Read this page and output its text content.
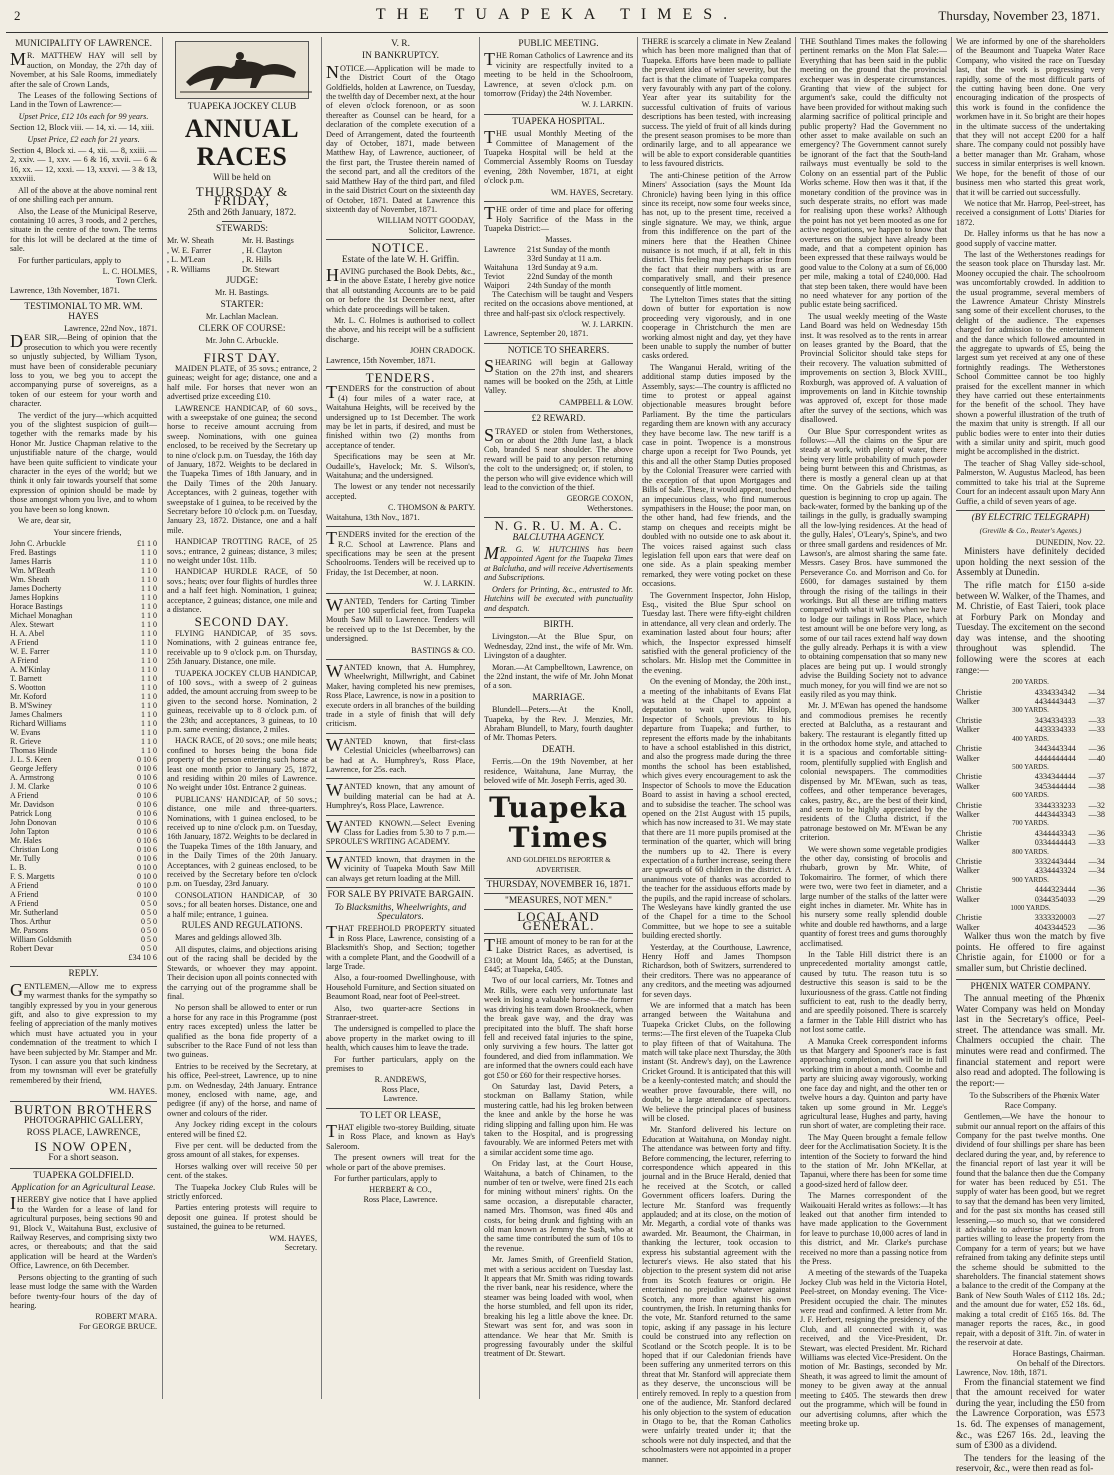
2	THE TUAPEKA TIMES.	Thursday, November 23, 1871.
MUNICIPALITY OF LAWRENCE.

MR. MATTHEW HAY will sell by auction, on Monday, the 27th day of November, at his Sale Rooms, immediately after the sale of Crown Lands,

The Leases of the following Sections of Land in the Town of Lawrence:—

Upset Price, £12 10s each for 99 years.

Section 12, Block viii. — 14, xi. — 14, xiii.

Upset Price, £2 each for 21 years.

Section 4, Block xi. — 4, xii. — 8, xxiii. — 2, xxiv. — 1, xxv. — 6 & 16, xxvii. — 6 & 16, xx. — 12, xxxi. — 13, xxxvi. — 3 & 13, xxxviii.

All of the above at the above nominal rent of one shilling each per annum.

Also, the Lease of the Municipal Reserve, containing 10 acres, 3 roods, and 2 perches, situate in the centre of the town. The terms for this lot will be declared at the time of sale.

For further particulars, apply to

L. C. HOLMES,
Town Clerk.
Lawrence, 13th November, 1871.
TESTIMONIAL TO MR. WM. HAYES
Lawrence, 22nd Nov., 1871.

DEAR SIR,—Being of opinion that the prosecution to which you were recently so unjustly subjected, by William Tyson, must have been of considerable pecuniary loss to you, we beg you to accept the accompanying purse of sovereigns, as a token of our esteem for your worth and character.

The verdict of the jury—which acquitted you of the slightest suspicion of guilt—together with the remarks made by his Honor Mr. Justice Chapman relative to the unjustifiable nature of the charge, would have been quite sufficient to vindicate your character in the eyes of the world; but we think it only fair towards yourself that some expression of opinion should be made by those amongst whom you live, and to whom you have been so long known.

We are, dear sir,

Your sincere friends,

John C. Arbuckle	£1 1 0
Fred. Bastings	1 1 0
James Harris	1 1 0
Wm. M'Beath	1 1 0
Wm. Sheath	1 1 0
James Docherty	1 1 0
James Hopkins	1 1 0
Horace Bastings	1 1 0
Michael Monaghan	1 1 0
Alex. Stewart	1 1 0
H. A. Abel	1 1 0
A Friend	1 1 0
W. E. Farrer	1 1 0
A Friend	1 1 0
A. M'Kinlay	1 1 0
T. Barnett	1 1 0
S. Wootton	1 1 0
Mr. Koford	1 1 0
B. M'Swiney	1 1 0
James Chalmers	1 1 0
Richard Williams	1 1 0
W. Evans	1 1 0
R. Grieve	1 1 0
Thomas Hinde	1 1 0
J. L. S. Keen	0 10 6
George Jeffery	0 10 6
A. Armstrong	0 10 6
J. M. Clarke	0 10 6
A Friend	0 10 6
Mr. Davidson	0 10 6
Patrick Long	0 10 6
John Donovan	0 10 6
John Tapton	0 10 6
Mr. Hales	0 10 6
Christian Long	0 10 6
Mr. Tully	0 10 6
L. B.	0 10 0
F. S. Margetts	0 10 0
A Friend	0 10 0
A Friend	0 10 0
A Friend	0 5 0
Mr. Sutherland	0 5 0
Thos. Arthur	0 5 0
Mr. Parsons	0 5 0
William Goldsmith	0 5 0
Robert Devar	0 5 0
£34 10 6
REPLY.

GENTLEMEN,—Allow me to express my warmest thanks for the sympathy so tangibly expressed by you in your generous gift, and also to give expression to my feeling of appreciation of the manly motives which must have actuated you in your condemnation of the treatment to which I have been subjected by Mr. Stamper and Mr. Tyson. I can assure you that such kindness from my townsman will ever be gratefully remembered by their friend,

WM. HAYES.
BURTON BROTHERS
PHOTOGRAPHIC GALLERY,
ROSS PLACE, LAWRENCE,
IS NOW OPEN,
For a short season.
TUAPEKA GOLDFIELD.
Application for an Agricultural Lease.

IHEREBY give notice that I have applied to the Warden for a lease of land for agricultural purposes, being sections 90 and 91, Block V., Waitahuna Bust, exclusive of Railway Reserves, and comprising sixty two acres, or thereabouts; and that the said application will be heard at the Warden's Office, Lawrence, on 6th December.

Persons objecting to the granting of such lease must lodge the same with the Warden before twenty-four hours of the day of hearing.

ROBERT M'ARA.
For GEORGE BRUCE.
TUAPEKA JOCKEY CLUB
ANNUAL RACES
Will be held on
THURSDAY & FRIDAY,
25th and 26th January, 1872.
STEWARDS:
Mr. W. Sheath	Mr. H. Bastings
, W. E. Farrer	, H. Clayton
, L. M'Lean	, R. Hills
, R. Williams	Dr. Stewart
JUDGE:
Mr. H. Bastings.
STARTER:
Mr. Lachlan Maclean.
CLERK OF COURSE:
Mr. John C. Arbuckle.
FIRST DAY.

MAIDEN PLATE, of 35 sovs.; entrance, 2 guineas; weight for age; distance, one and a half mile. For horses that never won an advertised prize exceeding £10.

LAWRENCE HANDICAP, of 60 sovs., with a sweepstake of one guinea; the second horse to receive amount accruing from sweep. Nominations, with one guinea enclosed, to be received by the Secretary up to nine o'clock p.m. on Tuesday, the 16th day of January, 1872. Weights to be declared in the Tuapeka Times of 18th January, and in the Daily Times of the 20th January. Acceptances, with 2 guineas, together with sweepstake of 1 guinea, to be received by the Secretary before 10 o'clock p.m. on Tuesday, January 23, 1872. Distance, one and a half mile.

HANDICAP TROTTING RACE, of 25 sovs.; entrance, 2 guineas; distance, 3 miles; no weight under 10st. 11lb.

HANDICAP HURDLE RACE, of 50 sovs.; heats; over four flights of hurdles three and a half feet high. Nomination, 1 guinea; acceptance, 2 guineas; distance, one mile and a distance.

SECOND DAY.

FLYING HANDICAP, of 35 sovs. Nominations, with 2 guineas entrance fee, receivable up to 9 o'clock p.m. on Thursday, 25th January. Distance, one mile.

TUAPEKA JOCKEY CLUB HANDICAP, of 100 sovs., with a sweep of 2 guineas added, the amount accruing from sweep to be given to the second horse. Nomination, 2 guineas, receivable up to 8 o'clock p.m. of the 23th; and acceptances, 3 guineas, to 10 p.m. same evening; distance, 2 miles.

HACK RACE, of 20 sovs.; one mile heats; confined to horses being the bona fide property of the person entering such horse at least one month prior to January 25, 1872, and residing within 20 miles of Lawrence. No weight under 10st. Entrance 2 guineas.

PUBLICANS' HANDICAP, of 50 sovs.; distance, one mile and three-quarters. Nominations, with 1 guinea enclosed, to be received up to nine o'clock p.m. on Tuesday, 16th January, 1872. Weights to be declared in the Tuapeka Times of the 18th January, and in the Daily Times of the 20th January. Acceptances, with 2 guineas enclosed, to be received by the Secretary before ten o'clock p.m. on Tuesday, 23rd January.

CONSOLATION HANDICAP, of 30 sovs.; for all beaten horses. Distance, one and a half mile; entrance, 1 guinea.

RULES AND REGULATIONS.

Mares and geldings allowed 3lb.

All disputes, claims, and objections arising out of the racing shall be decided by the Stewards, or whoever they may appoint. Their decision upon all points connected with the carrying out of the programme shall be final.

No person shall be allowed to enter or run a horse for any race in this Programme (post entry races excepted) unless the latter be qualified as the bona fide property of a subscriber to the Race Fund of not less than two guineas.

Entries to be received by the Secretary, at his office, Peel-street, Lawrence, up to nine p.m. on Wednesday, 24th January. Entrance money, enclosed with name, age, and pedigree (if any) of the horse, and name of owner and colours of the rider.

Any Jockey riding except in the colours entered will be fined £2.

Five per cent. will be deducted from the gross amount of all stakes, for expenses.

Horses walking over will receive 50 per cent. of the stakes.

The Tuapeka Jockey Club Rules will be strictly enforced.

Parties entering protests will require to deposit one guinea. If protest should be sustained, the guinea to be returned.

WM. HAYES,
Secretary.
V. R.
IN BANKRUPTCY.

NOTICE.—Application will be made to the District Court of the Otago Goldfields, holden at Lawrence, on Tuesday, the twelfth day of December next, at the hour of eleven o'clock forenoon, or as soon thereafter as Counsel can be heard, for a declaration of the complete execution of a Deed of Arrangement, dated the fourteenth day of October, 1871, made between Matthew Hay, of Lawrence, auctioneer, of the first part, the Trustee therein named of the second part, and all the creditors of the said Matthew Hay of the third part, and filed in the said District Court on the sixteenth day of October, 1871. Dated at Lawrence this sixteenth day of November, 1871.

WILLIAM NOTT GOODAY,
Solicitor, Lawrence.
NOTICE.
Estate of the late W. H. Griffin.

HAVING purchased the Book Debts, &c., in the above Estate, I hereby give notice that all outstanding Accounts are to be paid on or before the 1st December next, after which date proceedings will be taken.

Mr. L. C. Holmes is authorised to collect the above, and his receipt will be a sufficient discharge.

JOHN CRADOCK.
Lawrence, 15th November, 1871.
TENDERS.

TENDERS for the construction of about (4) four miles of a water race, at Waitahuna Heights, will be received by the undersigned up to 1st December. The work may be let in parts, if desired, and must be finished within two (2) months from acceptance of tender.

Specifications may be seen at Mr. Oudaille's, Havelock; Mr. S. Wilson's, Waitahuna; and the undersigned.

The lowest or any tender not necessarily accepted.

C. THOMSON & PARTY.
Waitahuna, 13th Nov., 1871.

TENDERS invited for the erection of the R.C. School at Lawrence. Plans and specifications may be seen at the present Schoolrooms. Tenders will be received up to Friday, the 1st December, at noon.

W. J. LARKIN.

WANTED, Tenders for Carting Timber per 100 superficial feet, from Tuapeka Mouth Saw Mill to Lawrence. Tenders will be received up to the 1st December, by the undersigned.

BASTINGS & CO.

WANTED known, that A. Humphrey, Wheelwright, Millwright, and Cabinet Maker, having completed his new premises, Ross Place, Lawrence, is now in a position to execute orders in all branches of the building trade in a style of finish that will defy criticism.

WANTED known, that first-class Celestial Unicicles (wheelbarrows) can be had at A. Humphrey's, Ross Place, Lawrence, for 25s. each.

WANTED known, that any amount of building material can be had at A. Humphrey's, Ross Place, Lawrence.

WANTED KNOWN.—Select Evening Class for Ladies from 5.30 to 7 p.m.—SPROULE'S WRITING ACADEMY.

WANTED known, that draymen in the vicinity of Tuapeka Mouth Saw Mill can always get return loading at the Mill.

FOR SALE BY PRIVATE BARGAIN.
To Blacksmiths, Wheelwrights, and Speculators.

THAT FREEHOLD PROPERTY situated in Ross Place, Lawrence, consisting of a Blacksmith's Shop, and Section; together with a complete Plant, and the Goodwill of a large Trade.

Also, a four-roomed Dwellinghouse, with Household Furniture, and Section situated on Beaumont Road, near foot of Peel-street.

Also, two quarter-acre Sections in Stranraer-street.

The undersigned is compelled to place the above property in the market owing to ill health, which causes him to leave the trade.

For further particulars, apply on the premises to

R. ANDREWS,
Ross Place,
Lawrence.
TO LET OR LEASE,

THAT eligible two-storey Building, situate in Ross Place, and known as Hay's Saleroom.

The present owners will treat for the whole or part of the above premises.

For further particulars, apply to

HERBERT & CO.,
Ross Place, Lawrence.
PUBLIC MEETING.

THE Roman Catholics of Lawrence and its vicinity are respectfully invited to a meeting to be held in the Schoolroom, Lawrence, at seven o'clock p.m. on tomorrow (Friday) the 24th November.

W. J. LARKIN.
TUAPEKA HOSPITAL.

THE usual Monthly Meeting of the Committee of Management of the Tuapeka Hospital will be held at the Commercial Assembly Rooms on Tuesday evening, 28th November, 1871, at eight o'clock p.m.

WM. HAYES, Secretary.

THE order of time and place for offering Holy Sacrifice of the Mass in the Tuapeka District:—

Masses.
Lawrence	2	1st Sunday of the month
	3	3rd Sunday at 11 a.m.
Waitahuna	1	3rd Sunday at 9 a.m.
Teviot	2	2nd Sunday of the month
Waipori	2	4th Sunday of the month

The Catechism will be taught and Vespers recited on the occasions above mentioned, at three and half-past six o'clock respectively.

W. J. LARKIN.
Lawrence, September 20, 1871.
NOTICE TO SHEARERS.

SHEARING will begin at Galloway Station on the 27th inst, and shearers names will be booked on the 25th, at Little Valley.

CAMPBELL & LOW.
£2 REWARD.

STRAYED or stolen from Wetherstones, on or about the 28th June last, a black Cob, branded S near shoulder. The above reward will be paid to any person returning the colt to the undersigned; or, if stolen, to the person who will give evidence which will lead to the conviction of the thief.

GEORGE COXON,
Wetherstones.
N. G. R. U. M. A. C.
BALCLUTHA AGENCY.

MR. G. W. HUTCHINS has been appointed Agent for the Tuapeka Times at Balclutha, and will receive Advertisements and Subscriptions.

Orders for Printing, &c., entrusted to Mr. Hutchins will be executed with punctuality and despatch.

BIRTH.

Livingston.—At the Blue Spur, on Wednesday, 22nd inst., the wife of Mr. Wm. Livingston of a daughter.

Moran.—At Campbelltown, Lawrence, on the 22nd instant, the wife of Mr. John Monat of a son.

MARRIAGE.

Blundell—Peters.—At the Knoll, Tuapeka, by the Rev. J. Menzies, Mr. Abraham Blundell, to Mary, fourth daughter of Mr. Thomas Peters.

DEATH.

Ferris.—On the 19th November, at her residence, Waitahuna, Jane Murray, the beloved wife of Mr. Joseph Ferris, aged 30.

Tuapeka Times
AND GOLDFIELDS REPORTER & ADVERTISER.
THURSDAY, NOVEMBER 16, 1871.
"MEASURES, NOT MEN."
LOCAL AND GENERAL.

THE amount of money to be ran for at the Lake District Races, as advertised, is £310; at Mount Ida, £465; at the Dunstan, £445; at Tuapeka, £405.

Two of our local carriers, Mr. Totnes and Mr. Rills, were each very unfortunate last week in losing a valuable horse—the former was driving his team down Brookneck, when the break gave way, and the dray was precipitated into the bluff. The shaft horse fell and received fatal injuries to the spine, only surviving a few hours. The latter got foundered, and died from inflammation. We are informed that the owners could each have got £50 or £60 for their respective horses.

On Saturday last, David Peters, a stockman on Ballamy Station, while mustering cattle, had his leg broken between the knee and ankle by the horse he was riding slipping and falling upon him. He was taken to the Hospital, and is progressing favourably. We are informed Peters met with a similar accident some time ago.

On Friday last, at the Court House, Waitahuna, a batch of Chinamen, to the number of ten or twelve, were fined 21s each for mining without miners' rights. On the same occasion, a disreputable character, named Mrs. Thomson, was fined 40s and costs, for being drunk and fighting with an old man known as Jemmy the Sash, who at the same time contributed the sum of 10s to the revenue.

Mr. James Smith, of Greenfield Station, met with a serious accident on Tuesday last. It appears that Mr. Smith was riding towards the river bank, near his residence, where the steamer was being loaded with wool, when the horse stumbled, and fell upon its rider, breaking his leg a little above the knee. Dr. Stewart was sent for, and was soon in attendance. We hear that Mr. Smith is progressing favourably under the skilful treatment of Dr. Stewart.

THERE is scarcely a climate in New Zealand which has been more maligned than that of Tuapeka. Efforts have been made to palliate the prevalent idea of winter severity, but the fact is that the climate of Tuapeka compares very favourably with any part of the colony. Year after year its suitability for the successful cultivation of fruits of various descriptions has been tested, with increasing success. The yield of fruit of all kinds during the present season promises to be more than ordinarily large, and to all appearance we will be able to export considerable quantities to less favoured districts.

The anti-Chinese petition of the Arrow Miners' Association (says the Mount Ida Chronicle) having been lying in this office since its receipt, now some four weeks since, has not, up to the present time, received a single signature. We may, we think, argue from this indifference on the part of the miners here that the Heathen Chinee nuisance is not much, if at all, felt in this district. This feeling may perhaps arise from the fact that their numbers with us are comparatively small, and their presence consequently of little moment.

The Lyttelton Times states that the sitting down of butter for exportation is now proceeding very vigorously, and in one cooperage in Christchurch the men are working almost night and day, yet they have been unable to supply the number of butter casks ordered.

The Wanganui Herald, writing of the additional stamp duties imposed by the Assembly, says:—The country is afflicted no time to protest or appeal against objectionable measures brought before Parliament. By the time the particulars regarding them are known with any accuracy they have become law. The new tariff is a case in point. Twopence is a monstrous charge upon a receipt for Two Pounds, yet this and all the other Stamp Duties proposed by the Colonial Treasurer were carried with the exception of that upon Mortgages and Bills of Sale. These, it would appear, touched an impecunious class, who find numerous sympathisers in the House; the poor man, on the other hand, had few friends, and the stamp on cheques and receipts might be doubled with no outside one to ask about it. The voices raised against such class legislation fell upon ears that were deaf on one side. As a plain speaking member remarked, they were voting pocket on these occasions.

The Government Inspector, John Hislop, Esq., visited the Blue Spur school on Tuesday last. There were fifty-eight children in attendance, all very clean and orderly. The examination lasted about four hours; after which, the Inspector expressed himself satisfied with the general proficiency of the scholars. Mr. Hislop met the Committee in the evening.

On the evening of Monday, the 20th inst., a meeting of the inhabitants of Evans Flat was held at the Chapel to appoint a deputation to wait upon Mr. Hislop, Inspector of Schools, previous to his departure from Tuapeka; and further, to represent the efforts made by the inhabitants to have a school established in this district, and also the progress made during the three months the school has been established, which gives every encouragement to ask the Inspector of Schools to move the Education Board to assist in having a school erected, and to subsidise the teacher. The school was opened on the 21st August with 15 pupils, which has now increased to 31. We may state that there are 11 more pupils promised at the termination of the quarter, which will bring the numbers up to 42. There is every expectation of a further increase, seeing there are upwards of 60 children in the district. A unanimous vote of thanks was accorded to the teacher for the assiduous efforts made by the pupils, and the rapid increase of scholars. The Wesleyans have kindly granted the use of the Chapel for a time to the School Committee, but we hope to see a suitable building erected shortly.

Yesterday, at the Courthouse, Lawrence, Henry Hoff and James Thompson Richardson, both of Switzers, surrendered to their creditors. There was no appearance of any creditors, and the meeting was adjourned for seven days.

We are informed that a match has been arranged between the Waitahuna and Tuapeka Cricket Clubs, on the following terms:—The first eleven of the Tuapeka Club to play fifteen of that of Waitahuna. The match will take place next Thursday, the 30th instant (St. Andrew's day), on the Lawrence Cricket Ground. It is anticipated that this will be a keenly-contested match; and should the weather prove favourable, there will, no doubt, be a large attendance of spectators. We believe the principal places of business will be closed.

Mr. Stanford delivered his lecture on Education at Waitahuna, on Monday night. The attendance was between forty and fifty. Before commencing, the lecturer, referring to correspondence which appeared in this journal and in the Bruce Herald, denied that he received at the Scotch, or called Government officers loafers. During the lecture Mr. Stanford was frequently applauded; and at its close, on the motion of Mr. Megarth, a cordial vote of thanks was awarded. Mr. Beaumont, the Chairman, in thanking the lecturer, took occasion to express his substantial agreement with the lecturer's views. He also stated that his objection to the present system did not arise from its Scotch features or origin. He entertained no prejudice whatever against Scotch, any more than against his own countrymen, the Irish. In returning thanks for the vote, Mr. Stanford returned to the same topic, asking if any passage in his lecture could be construed into any reflection on Scotland or the Scotch people. It is to be hoped that if our Caledonian friends have been suffering any unmerited terrors on this threat that Mr. Stanford will appreciate them as they deserve, the unconscious will be entirely removed. In reply to a question from one of the audience, Mr. Stanford declared his only objection to the system of education in Otago to be, that the Roman Catholics were unfairly treated under it; that the schools were not duly inspected, and that the schoolmasters were not appointed in a proper manner.

THE Southland Times makes the following pertinent remarks on the Mon Flat Sale:—Everything that has been said in the public meeting on the ground that the provincial exchequer was in desperate circumstances. Granting that view of the subject for argument's sake, could the difficulty not have been provided for without making such alarming sacrifice of political principle and public property? Had the Government no other asset to make available on such an emergency? The Government cannot surely be ignorant of the fact that the South-land railways must eventually be sold to the Colony on an essential part of the Public Works scheme. How then was it that, if the monetary condition of the province was in such desperate straits, no effort was made for realising upon these works? Although the point has not yet been mooted as one for active negotiations, we happen to know that overtures on the subject have already been made, and that a competent opinion has been expressed that these railways would be good value to the Colony at a sum of £6,000 per mile, making a total of £240,000. Had that step been taken, there would have been no need whatever for any portion of the public estate being sacrificed.

The usual weekly meeting of the Waste Land Board was held on Wednesday 15th inst. It was resolved as to the rents in arrear on leases granted by the Board, that the Provincial Solicitor should take steps for their recovery. The valuation submitted of improvements on section 3, Block XVIII., Roxburgh, was approved of. A valuation of improvements on land in Kitchie township was approved of, except for those made after the survey of the sections, which was disallowed.

Our Blue Spur correspondent writes as follows:—All the claims on the Spur are steady at work, with plenty of water, there being very little probability of much powder being burnt between this and Christmas, as there is mostly a general clean up at that time. On the Gabriels side the tailing question is beginning to crop up again. The back-water, formed by the banking up of the tailings in the gully, is gradually swamping all the low-lying residences. At the head of the gully, Hales', O'Leary's, Spine's, and two or three small gardens and residences of Mr. Lawson's, are almost sharing the same fate. Messrs. Casey Bros. have summoned the Perseverance Co. and Morrison and Co. for £600, for damages sustained by them through the rising of the tailings in their workings. But all these are trifling matters compared with what it will be when we have to lodge our tailings in Ross Place, which test amount will be one before very long, as some of our tail races extend half way down the gully already. Perhaps it is with a view to obtaining compensation that so many new places are being put up. I would strongly advise the Building Society not to advance much money, for you will find we are not so easily riled as you may think.

Mr. J. M'Ewan has opened the handsome and commodious premises he recently erected at Balclutha, as a restaurant and bakery. The restaurant is elegantly fitted up in the orthodox home style, and attached to it is a spacious and comfortable sitting-room, plentifully supplied with English and colonial newspapers. The commodities dispensed by Mr. M'Ewan, such as teas, coffees, and other temperance beverages, cakes, pastry, &c., are the best of their kind, and seem to be highly appreciated by the residents of the Clutha district, if the patronage bestowed on Mr. M'Ewan be any criterion.

We were shown some vegetable prodigies the other day, consisting of brocolis and rhubarb, grown by Mr. White, of Tokomairiro. The former, of which there were two, were two feet in diameter, and a large number of the stalks of the latter were eight inches in diameter. Mr. White has in his nursery some really splendid double white and double red hawthorns, and a large quantity of forest trees and gums thoroughly acclimatised.

In the Table Hill district there is an unprecedented mortality amongst cattle, caused by tutu. The reason tutu is so destructive this season is said to be the luxuriousness of the grass. Cattle not finding sufficient to eat, rush to the deadly berry, and are speedily poisoned. There is scarcely a farmer in the Table Hill district who has not lost some cattle.

A Manuka Creek correspondent informs us that Margery and Spooner's race is fast approaching completion, and will be in full working trim in about a month. Coombe and party are sluicing away vigorously, working one face day and night, and the other ten or twelve hours a day. Quinton and party have taken up some ground in Mr. Legge's agricultural lease, Hughes and party, having run short of water, are completing their race.

The May Queen brought a female fellow deer for the Acclimatisation Society. It is the intention of the Society to forward the hind to the station of Mr. John M'Kellar, at Tapanui, where there has been for some time a good-sized herd of fallow deer.

The Marnes correspondent of the Waikouaiti Herald writes as follows:—It has leaked out that another firm intended to have made application to the Government for leave to purchase 10,000 acres of land in this district, and Mr. Clarke's purchase received no more than a passing notice from the Press.

A meeting of the stewards of the Tuapeka Jockey Club was held in the Victoria Hotel, Peel-street, on Monday evening. The Vice-President occupied the chair. The minutes were read and confirmed. A letter from Mr. J. F. Herbert, resigning the presidency of the Club, and all connected with it, was received, and the Vice-President, Dr. Stewart, was elected President. Mr. Richard Williams was elected Vice-President. On the motion of Mr. Bastings, seconded by Mr. Sheath, it was agreed to limit the amount of money to be given away at the annual meeting to £405. The stewards then drew out the programme, which will be found in our advertising columns, after which the meeting broke up.

We are informed by one of the shareholders of the Beaumont and Tuapeka Water Race Company, who visited the race on Tuesday last, that the work is progressing very rapidly, some of the most difficult parts of the cutting having been done. One very encouraging indication of the prospects of this work is found in the confidence the workmen have in it. So bright are their hopes in the ultimate success of the undertaking that they will not accept £200 for a half share. The company could not possibly have a better manager than Mr. Graham, whose success in similar enterprises is well known. We hope, for the benefit of those of our business men who started this great work, that it will be carried out successfully.

We notice that Mr. Harrop, Peel-street, has received a consignment of Lotts' Diaries for 1872.

Dr. Halley informs us that he has now a good supply of vaccine matter.

The last of the Wetherstones readings for the season took place on Thursday last. Mr. Mooney occupied the chair. The schoolroom was uncomfortably crowded. In addition to the usual programme, several members of the Lawrence Amateur Christy Minstrels sang some of their excellent choruses, to the delight of the audience. The expenses charged for admission to the entertainment and the dance which followed amounted in the aggregate to upwards of £5, being the largest sum yet received at any one of these fortnightly readings. The Wetherstones School Committee cannot be too highly praised for the excellent manner in which they have carried out these entertainments for the benefit of the school. They have shown a powerful illustration of the truth of the maxim that unity is strength. If all our public bodies were to enter into their duties with a similar unity and spirit, much good might be accomplished in the district.

The teacher of Shag Valley side-school, Palmerston, W. Augustus Macleod, has been committed to take his trial at the Supreme Court for an indecent assault upon Mary Ann Guffie, a child of seven years of age.

(BY ELECTRIC TELEGRAPH)
(Greville & Co., Reuter's Agents.)
DUNEDIN, Nov. 22.

Ministers have definitely decided upon holding the next session of the Assembly at Dunedin.

The rifle match for £150 a-side between W. Walker, of the Thames, and M. Christie, of East Taieri, took place at Forbury Park on Monday and Tuesday. The excitement on the second day was intense, and the shooting throughout was splendid. The following were the scores at each range:—

200 YARDS.		
Christie	4334334342	—34
Walker	4434443443	—37
300 YARDS.		
Christie	3434334333	—33
Walker	4433334333	—33
400 YARDS.		
Christie	3443443344	—36
Walker	4444444444	—40
500 YARDS.		
Christie	4334344444	—37
Walker	3453444444	—38
600 YARDS.		
Christie	3344333233	—32
Walker	4443443343	—38
700 YARDS.		
Christie	4344443343	—36
Walker	0334444443	—33
800 YARDS.		
Christie	3332443444	—34
Walker	4334443324	—34
900 YARDS.		
Christie	4444323444	—36
Walker	0344354033	—29
1000 YARDS.		
Christie	3333320003	—27
Walker	4043344523	—36

Walker thus won the match by five points. He offered to fire against Christie again, for £1000 or for a smaller sum, but Christie declined.

PHŒNIX WATER COMPANY.

The annual meeting of the Phœnix Water Company was held on Monday last in the Secretary's office, Peel-street. The attendance was small. Mr. Chalmers occupied the chair. The minutes were read and confirmed. The financial statement and report were also read and adopted. The following is the report:—

To the Subscribers of the Phœnix Water Race Company.

Gentlemen,—We have the honour to submit our annual report on the affairs of this Company for the past twelve months. One dividend of four shillings per share has been declared during the year, and, by reference to the financial report of last year it will be found that the balance then due the Company for water has been reduced by £51. The supply of water has been good, but we regret to say that the demand has been very limited, and for the past six months has ceased still lessening,—so much so, that we considered it advisable to advertise for tenders from parties willing to lease the property from the Company for a term of years; but we have refrained from taking any definite steps until the scheme should be submitted to the shareholders. The financial statement shows a balance to the credit of the Company at the Bank of New South Wales of £112 18s. 2d.; and the amount due for water, £52 18s. 6d., making a total credit of £165 16s. 8d. The manager reports the races, &c., in good repair, with a deposit of 31ft. 7in. of water in the reservoir at date.

Horace Bastings, Chairman.
On behalf of the Directors.
Lawrence, Nov. 18th, 1871.

From the financial statement we find that the amount received for water during the year, including the £50 from the Lawrence Corporation, was £573 1s. 6d. The expenses of management, &c., was £267 16s. 2d., leaving the sum of £300 as a dividend.

The tenders for the leasing of the reservoir, &c., were then read as fol-
